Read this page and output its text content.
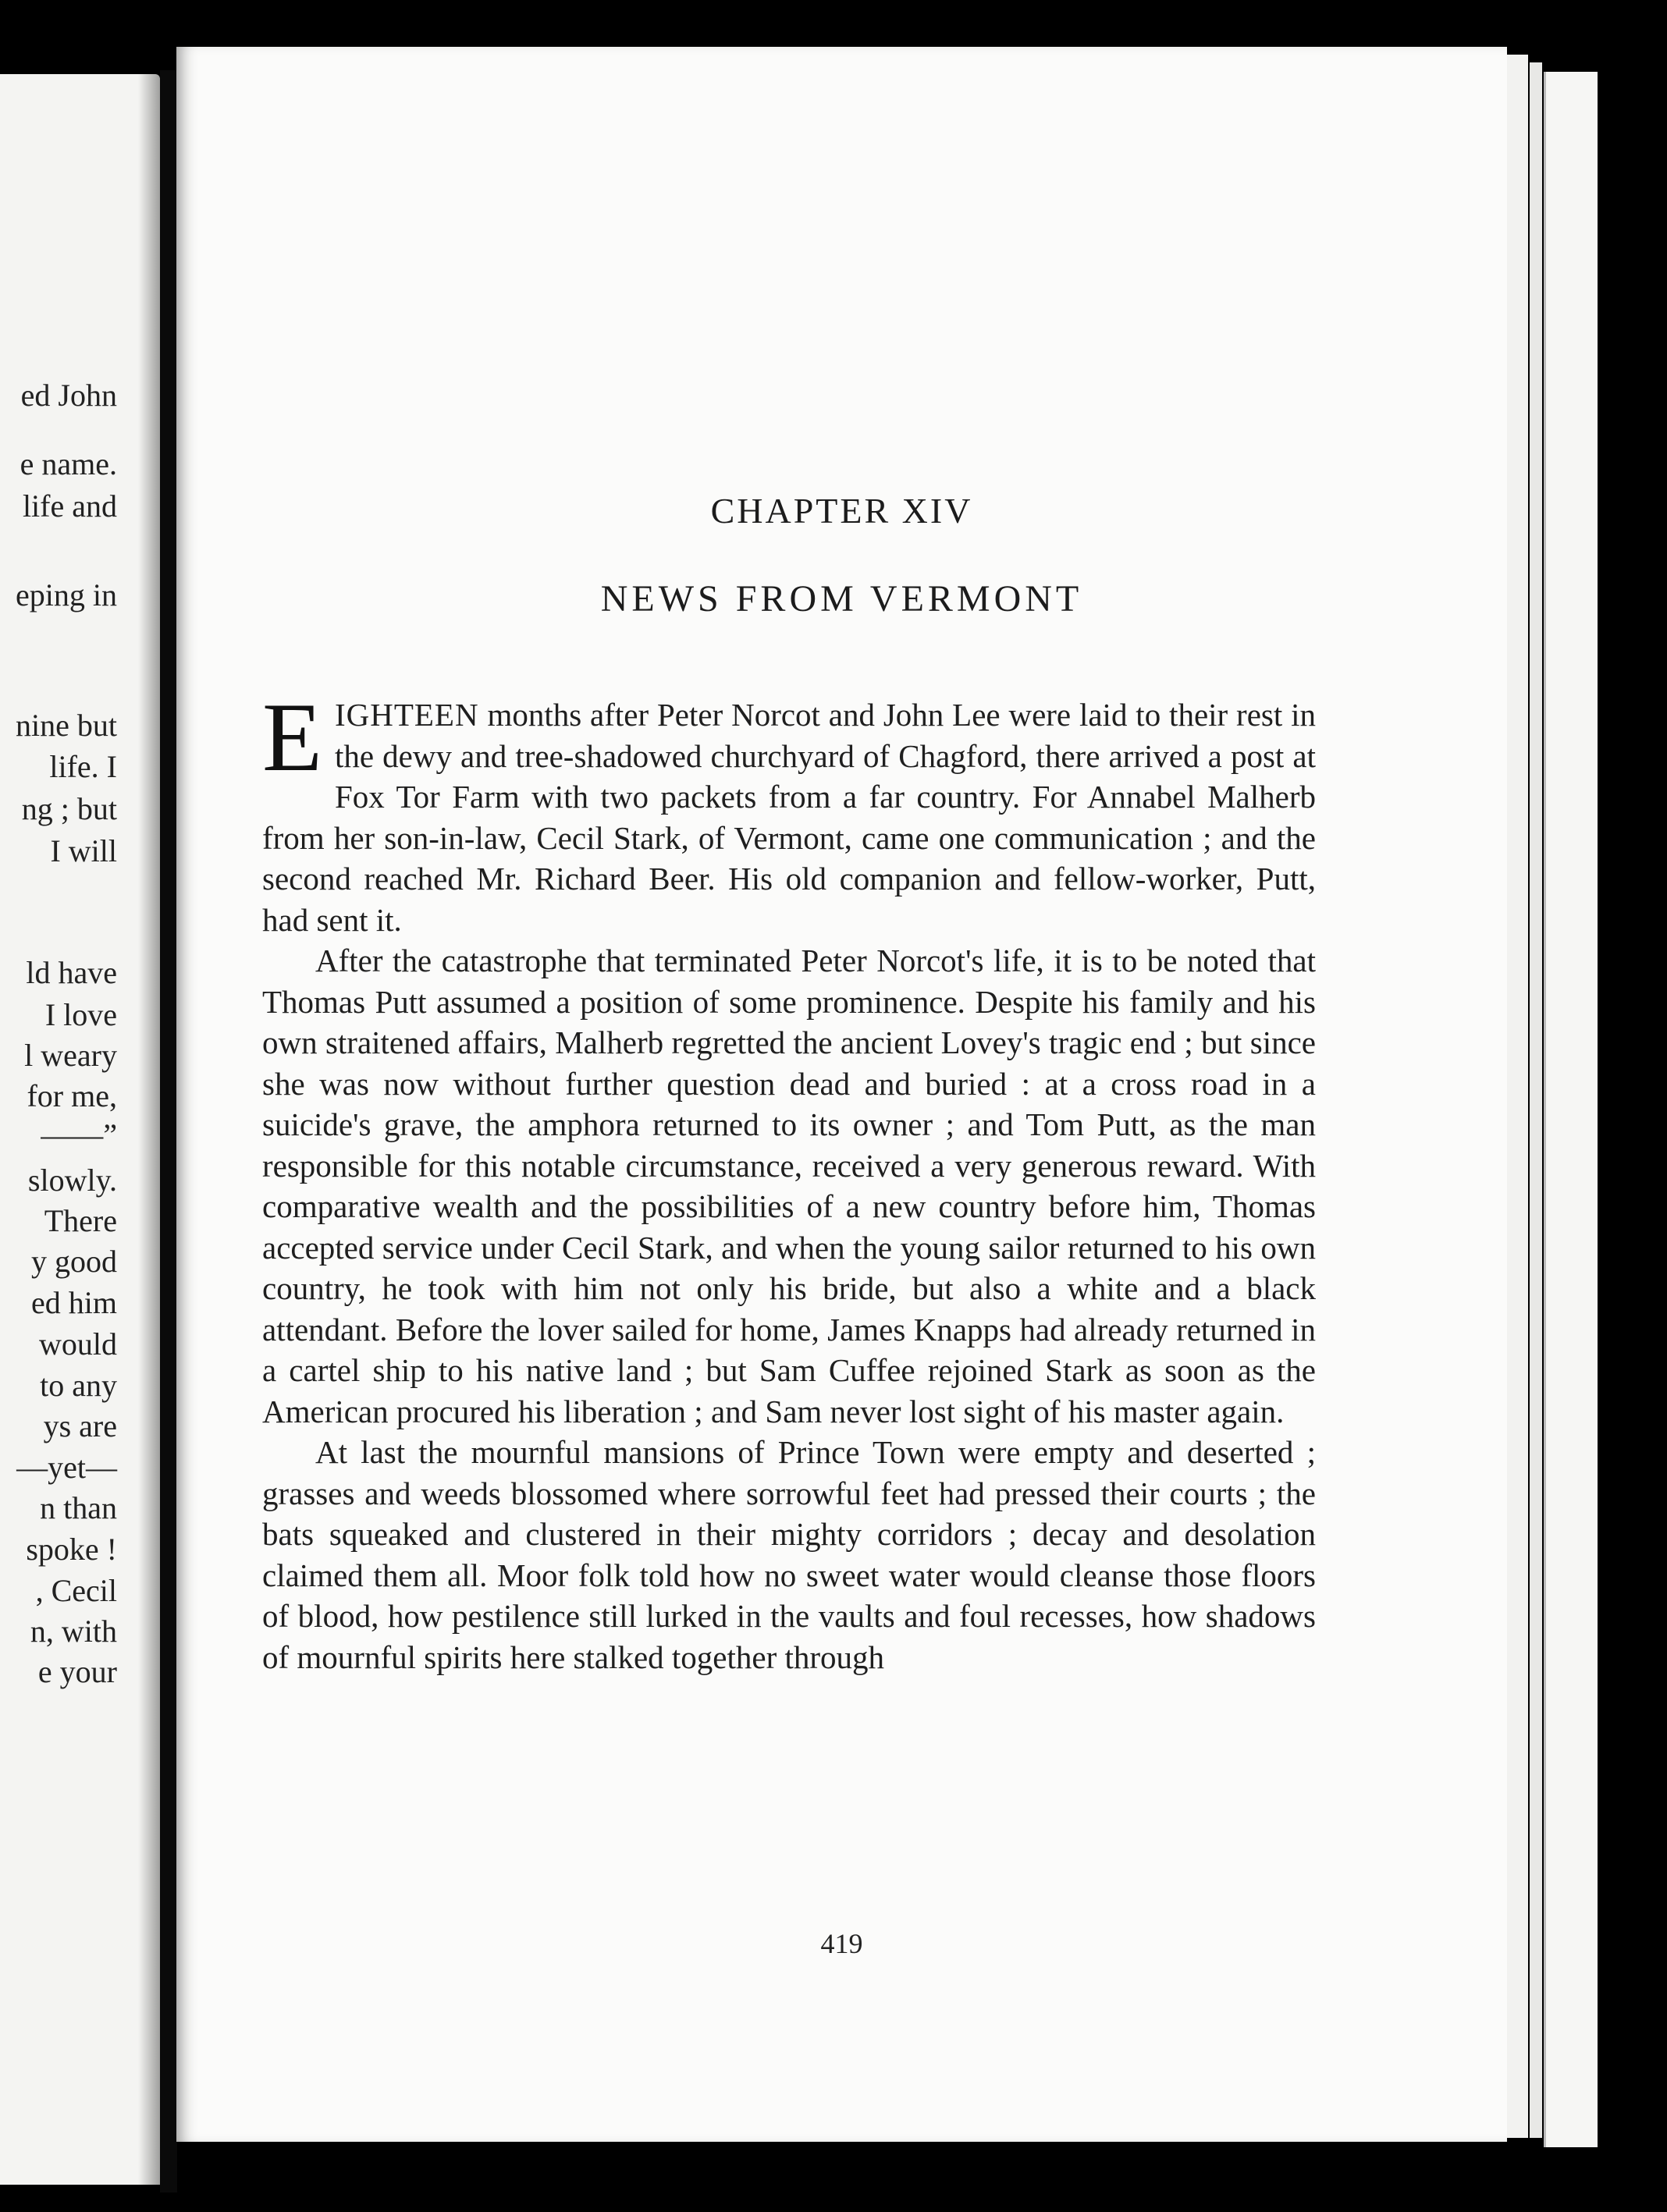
ed John
e name.
life and
eping in
nine but
life. I
ng ; but
I will
ld have
I love
l weary
for me,
——”
slowly.
There
y good
ed him
would
to any
ys are
—yet—
n than
spoke !
, Cecil
n, with
e your
CHAPTER XIV
NEWS FROM VERMONT

EIGHTEEN months after Peter Norcot and John Lee were laid to their rest in the dewy and tree-shadowed churchyard of Chagford, there arrived a post at Fox Tor Farm with two packets from a far country. For Annabel Malherb from her son-in-law, Cecil Stark, of Vermont, came one communication ; and the second reached Mr. Richard Beer. His old companion and fellow-worker, Putt, had sent it.

After the catastrophe that terminated Peter Norcot's life, it is to be noted that Thomas Putt assumed a position of some prominence. Despite his family and his own straitened affairs, Malherb regretted the ancient Lovey's tragic end ; but since she was now without further question dead and buried : at a cross road in a suicide's grave, the amphora returned to its owner ; and Tom Putt, as the man responsible for this notable circumstance, received a very generous reward. With comparative wealth and the possibilities of a new country before him, Thomas accepted service under Cecil Stark, and when the young sailor returned to his own country, he took with him not only his bride, but also a white and a black attendant. Before the lover sailed for home, James Knapps had already returned in a cartel ship to his native land ; but Sam Cuffee rejoined Stark as soon as the American procured his liberation ; and Sam never lost sight of his master again.

At last the mournful mansions of Prince Town were empty and deserted ; grasses and weeds blossomed where sorrowful feet had pressed their courts ; the bats squeaked and clustered in their mighty corridors ; decay and desolation claimed them all. Moor folk told how no sweet water would cleanse those floors of blood, how pestilence still lurked in the vaults and foul recesses, how shadows of mournful spirits here stalked together through

419
